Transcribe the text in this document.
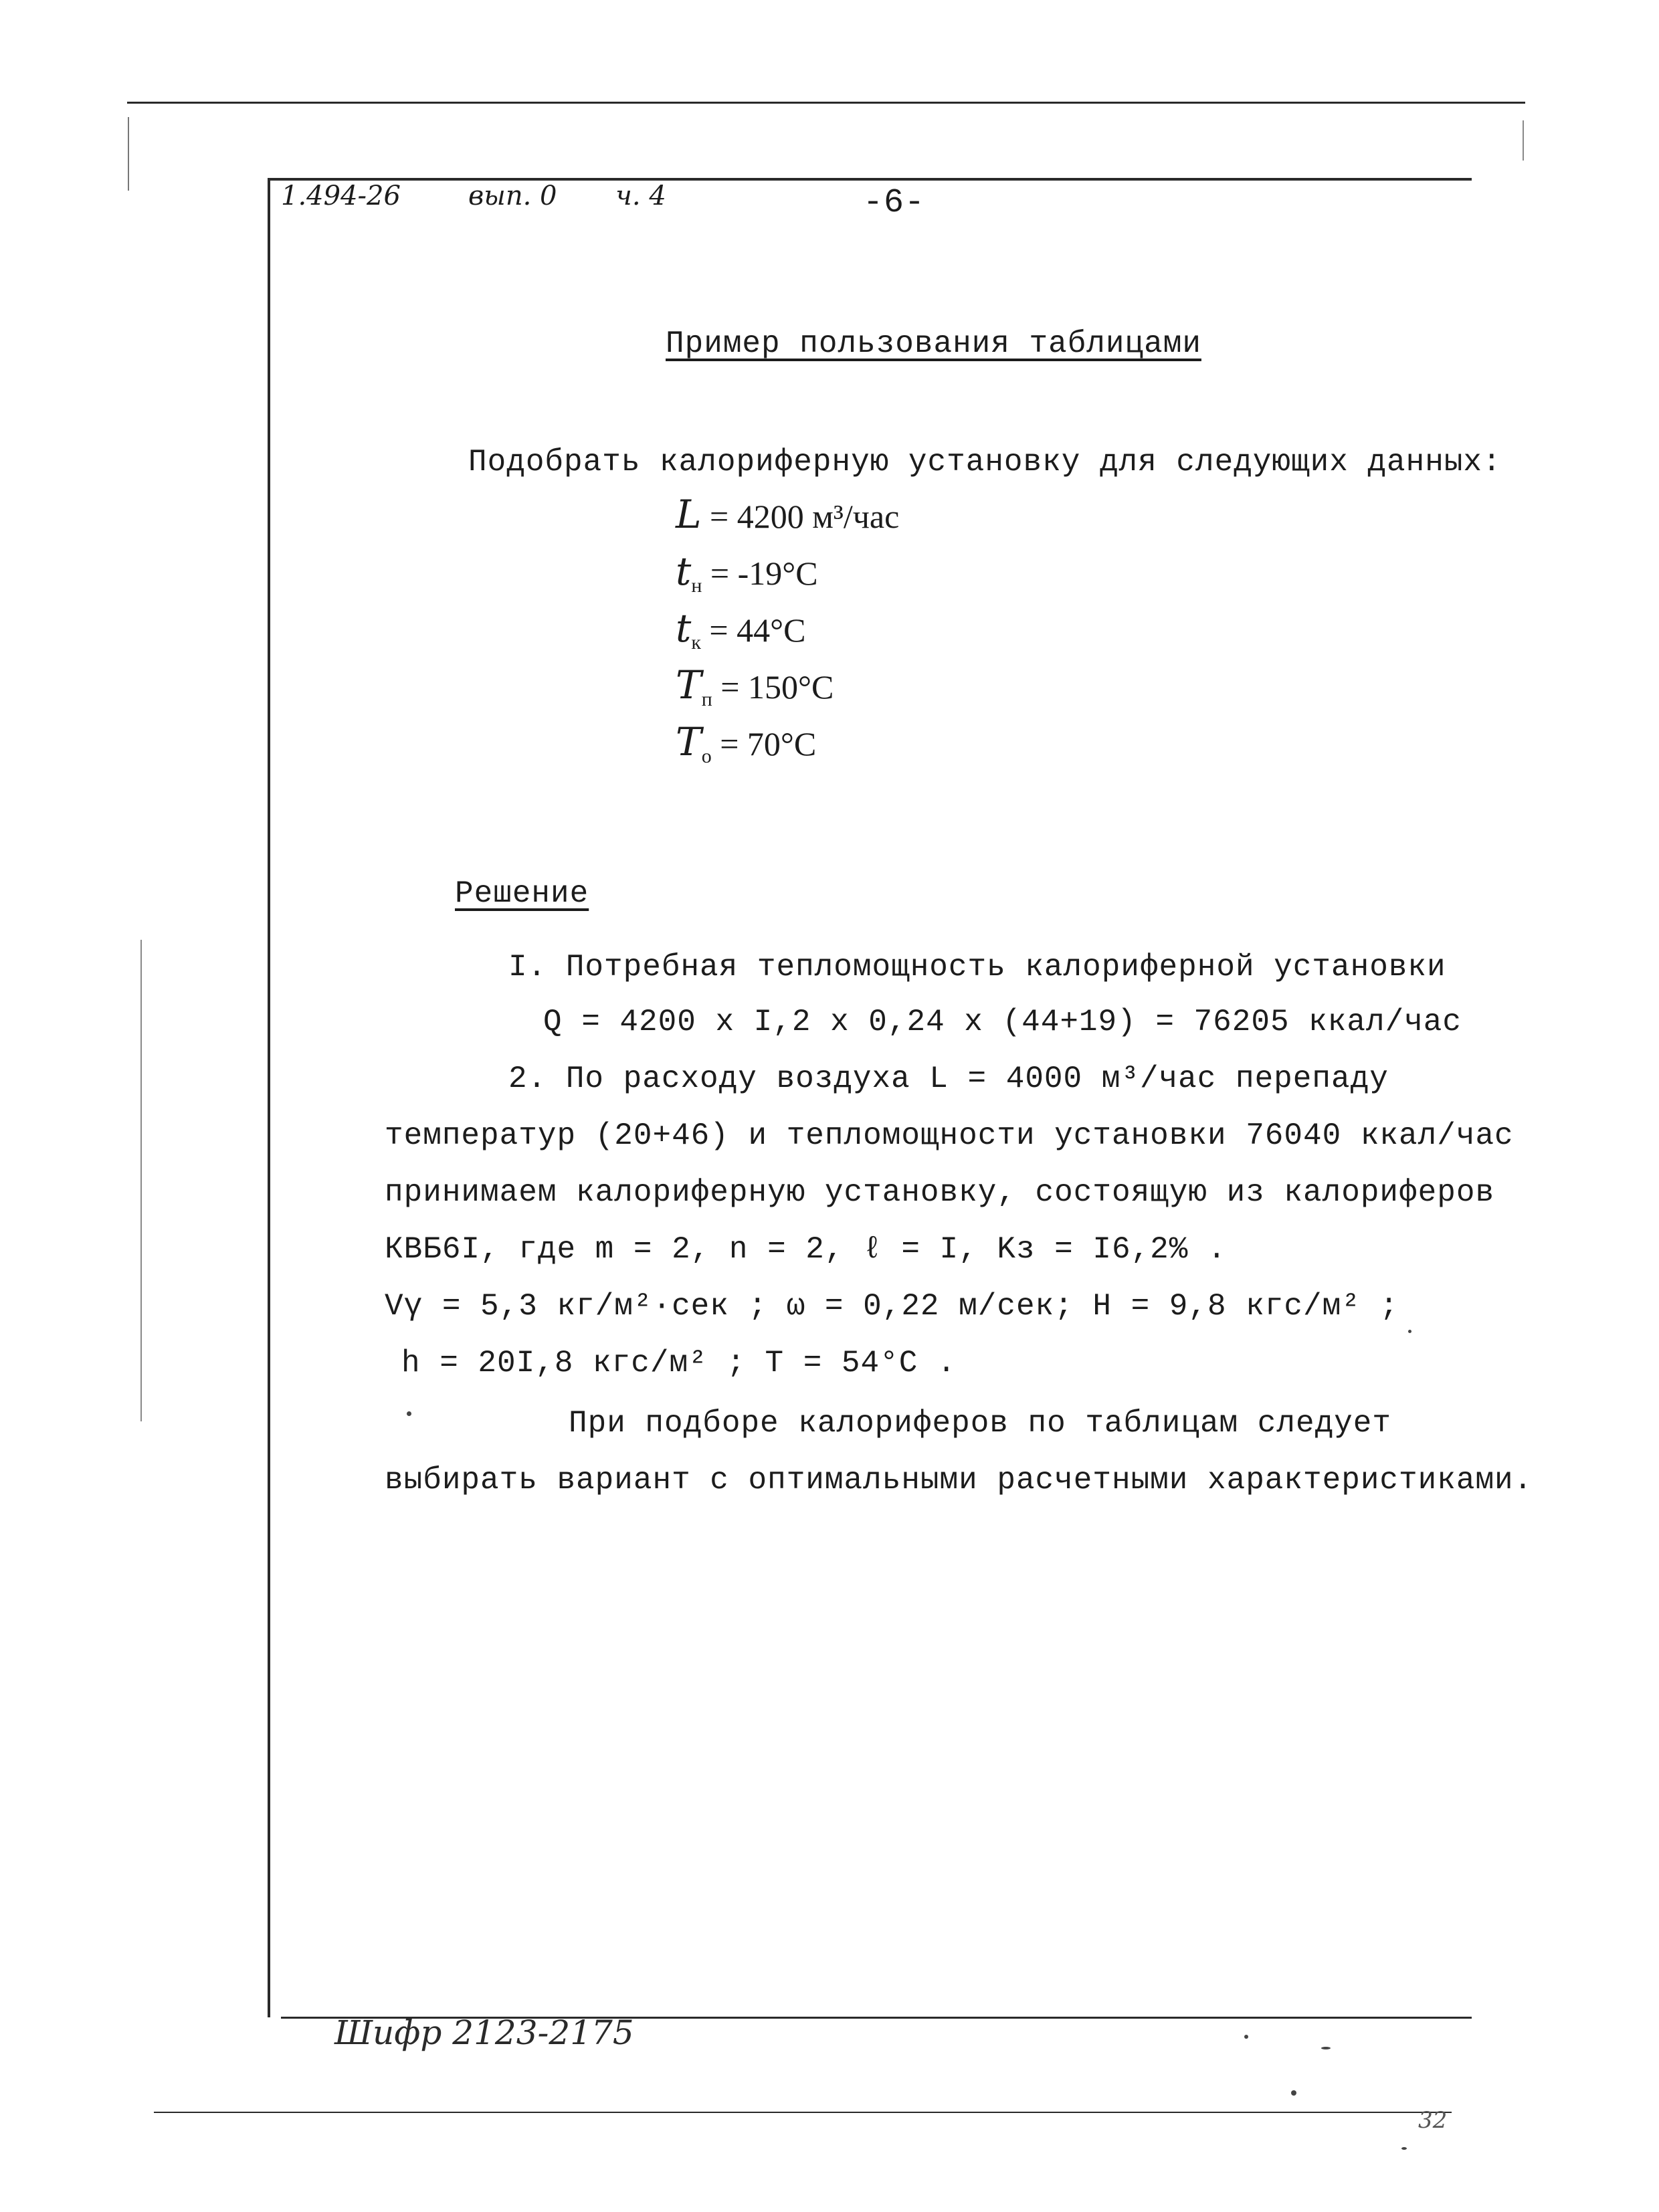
1.494-26	вып. 0 ч. 4	-6-
Пример пользования таблицами
Подобрать калориферную установку для следующих данных:
L = 4200 м³/час
$t_н = -19^\circ С$
$t_к = 44^\circ С$
$T_п = 150^\circ С$
$T_о = 70^\circ С$
Решение
I. Потребная тепломощность калориферной установки
Q = 4200 x I,2 x 0,24 x (44+19) = 76205 ккал/час
2. По расходу воздуха L = 4000 м³/час перепаду
температур (20+46) и тепломощности установки 76040 ккал/час
принимаем калориферную установку, состоящую из калориферов
КВБ6I, где m = 2, n = 2, ℓ = I, Kз = I6,2% .
Vγ = 5,3 кг/м²·сек ; ω = 0,22 м/сек; H = 9,8 кгс/м² ;
h = 20I,8 кгс/м² ; T = 54°С .
При подборе калориферов по таблицам следует
выбирать вариант с оптимальными расчетными характеристиками.
Шифр 2123-2175
32
